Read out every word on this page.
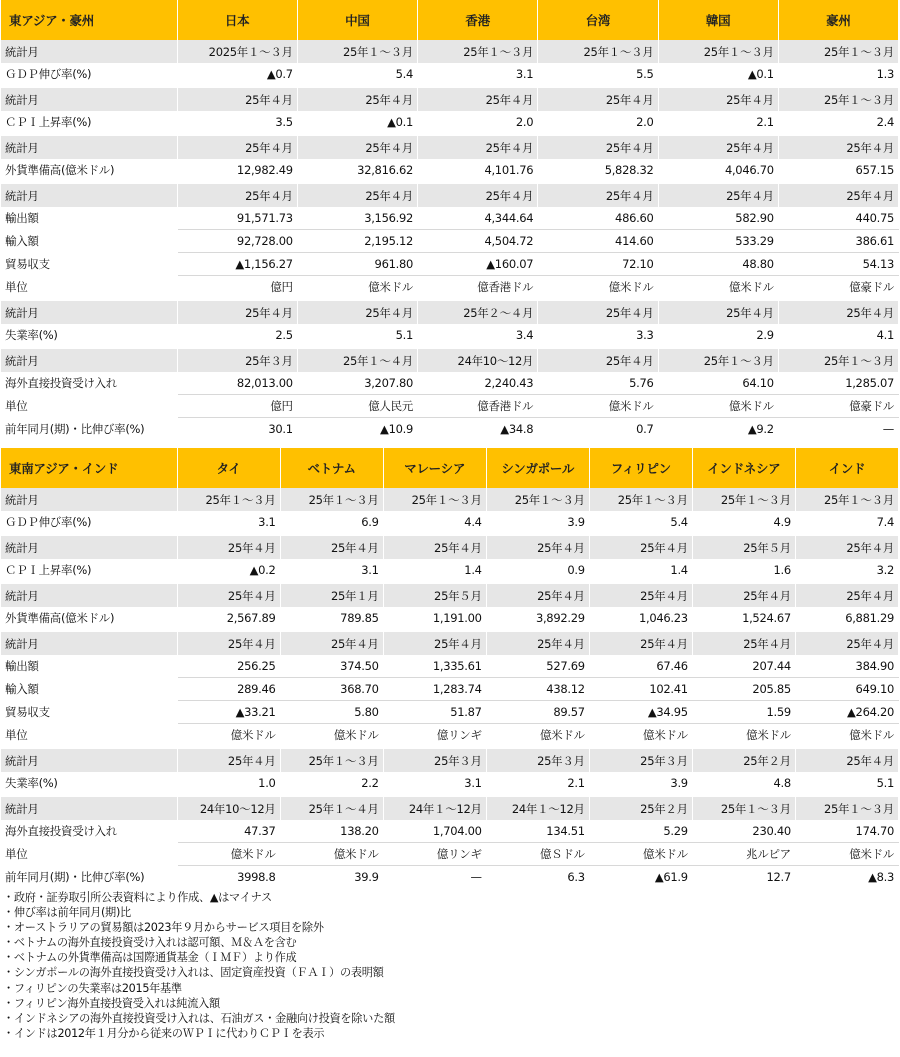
東アジア・豪州	日本	中国	香港	台湾	韓国	豪州
統計月	2025年１～３月	25年１～３月	25年１～３月	25年１～３月	25年１～３月	25年１～３月
ＧＤＰ伸び率(%)	▲0.7	5.4	3.1	5.5	▲0.1	1.3

統計月	25年４月	25年４月	25年４月	25年４月	25年４月	25年１～３月
ＣＰＩ上昇率(%)	3.5	▲0.1	2.0	2.0	2.1	2.4

統計月	25年４月	25年４月	25年４月	25年４月	25年４月	25年４月
外貨準備高(億米ドル)	12,982.49	32,816.62	4,101.76	5,828.32	4,046.70	657.15

統計月	25年４月	25年４月	25年４月	25年４月	25年４月	25年４月
輸出額	91,571.73	3,156.92	4,344.64	486.60	582.90	440.75
輸入額	92,728.00	2,195.12	4,504.72	414.60	533.29	386.61
貿易収支	▲1,156.27	961.80	▲160.07	72.10	48.80	54.13
単位	億円	億米ドル	億香港ドル	億米ドル	億米ドル	億豪ドル

統計月	25年４月	25年４月	25年２～４月	25年４月	25年４月	25年４月
失業率(%)	2.5	5.1	3.4	3.3	2.9	4.1

統計月	25年３月	25年１～４月	24年10～12月	25年４月	25年１～３月	25年１～３月
海外直接投資受け入れ	82,013.00	3,207.80	2,240.43	5.76	64.10	1,285.07
単位	億円	億人民元	億香港ドル	億米ドル	億米ドル	億豪ドル
前年同月(期)・比伸び率(%)	30.1	▲10.9	▲34.8	0.7	▲9.2	—
東南アジア・インド	タイ	ベトナム	マレーシア	シンガポール	フィリピン	インドネシア	インド
統計月	25年１～３月	25年１～３月	25年１～３月	25年１～３月	25年１～３月	25年１～３月	25年１～３月
ＧＤＰ伸び率(%)	3.1	6.9	4.4	3.9	5.4	4.9	7.4

統計月	25年４月	25年４月	25年４月	25年４月	25年４月	25年５月	25年４月
ＣＰＩ上昇率(%)	▲0.2	3.1	1.4	0.9	1.4	1.6	3.2

統計月	25年４月	25年１月	25年５月	25年４月	25年４月	25年４月	25年４月
外貨準備高(億米ドル)	2,567.89	789.85	1,191.00	3,892.29	1,046.23	1,524.67	6,881.29

統計月	25年４月	25年４月	25年４月	25年４月	25年４月	25年４月	25年４月
輸出額	256.25	374.50	1,335.61	527.69	67.46	207.44	384.90
輸入額	289.46	368.70	1,283.74	438.12	102.41	205.85	649.10
貿易収支	▲33.21	5.80	51.87	89.57	▲34.95	1.59	▲264.20
単位	億米ドル	億米ドル	億リンギ	億米ドル	億米ドル	億米ドル	億米ドル

統計月	25年４月	25年１～３月	25年３月	25年３月	25年３月	25年２月	25年４月
失業率(%)	1.0	2.2	3.1	2.1	3.9	4.8	5.1

統計月	24年10～12月	25年１～４月	24年１～12月	24年１～12月	25年２月	25年１～３月	25年１～３月
海外直接投資受け入れ	47.37	138.20	1,704.00	134.51	5.29	230.40	174.70
単位	億米ドル	億米ドル	億リンギ	億Ｓドル	億米ドル	兆ルピア	億米ドル
前年同月(期)・比伸び率(%)	3998.8	39.9	—	6.3	▲61.9	12.7	▲8.3
・政府・証券取引所公表資料により作成、▲はマイナス
・伸び率は前年同月(期)比
・オーストラリアの貿易額は2023年９月からサービス項目を除外
・ベトナムの海外直接投資受け入れは認可額、Ｍ＆Ａを含む
・ベトナムの外貨準備高は国際通貨基金（ＩＭＦ）より作成
・シンガポールの海外直接投資受け入れは、固定資産投資（ＦＡＩ）の表明額
・フィリピンの失業率は2015年基準
・フィリピン海外直接投資受入れは純流入額
・インドネシアの海外直接投資受け入れは、石油ガス・金融向け投資を除いた額
・インドは2012年１月分から従来のＷＰＩに代わりＣＰＩを表示
